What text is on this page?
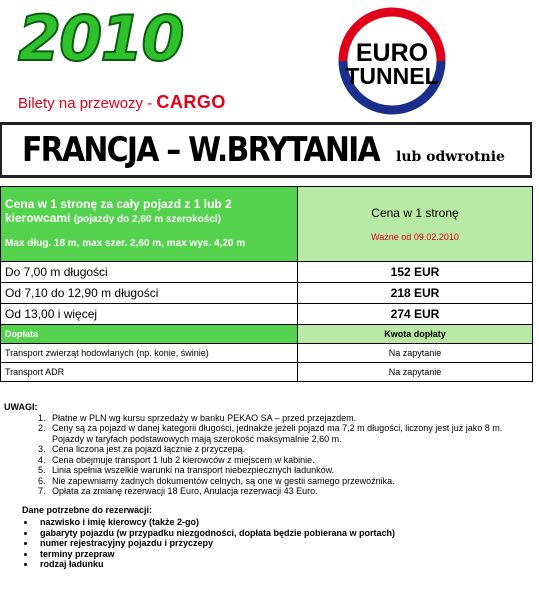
2010
Bilety na przewozy - CARGO
EURO
TUNNEL
FRANCJA – W.BRYTANIA lub odwrotnie
Cena w 1 stronę za cały pojazd z 1 lub 2 kierowcami (pojazdy do 2,60 m szerokości)
Max dług. 18 m, max szer. 2,60 m, max wys. 4,20 m	Cena w 1 stronę
Ważne od 09.02.2010

Do 7,00 m długości	152 EUR
Od 7,10 do 12,90 m długości	218 EUR
Od 13,00 i więcej	274 EUR
Dopłata	Kwota dopłaty
Transport zwierząt hodowlanych (np. konie, świnie)	Na zapytanie
Transport ADR	Na zapytanie
UWAGI:
1. Płatne w PLN wg kursu sprzedaży w banku PEKAO SA – przed przejazdem.
2. Ceny są za pojazd w danej kategorii długości, jednakże jeżeli pojazd ma 7,2 m długości, liczony jest już jako 8 m. Pojazdy w taryfach podstawowych mają szerokość maksymalnie 2,60 m.
3. Cena liczona jest za pojazd łącznie z przyczepą.
4. Cena obejmuje transport 1 lub 2 kierowców z miejscem w kabinie.
5. Linia spełnia wszelkie warunki na transport niebezpiecznych ładunków.
6. Nie zapewniamy żadnych dokumentów celnych, są one w gestii samego przewoźnika.
7. Opłata za zmianę rezerwacji 18 Euro, Anulacja rezerwacji 43 Euro.
Dane potrzebne do rezerwacji:
• nazwisko i imię kierowcy (także 2-go)
• gabaryty pojazdu (w przypadku niezgodności, dopłata będzie pobierana w portach)
• numer rejestracyjny pojazdu i przyczepy
• terminy przepraw
• rodzaj ładunku
